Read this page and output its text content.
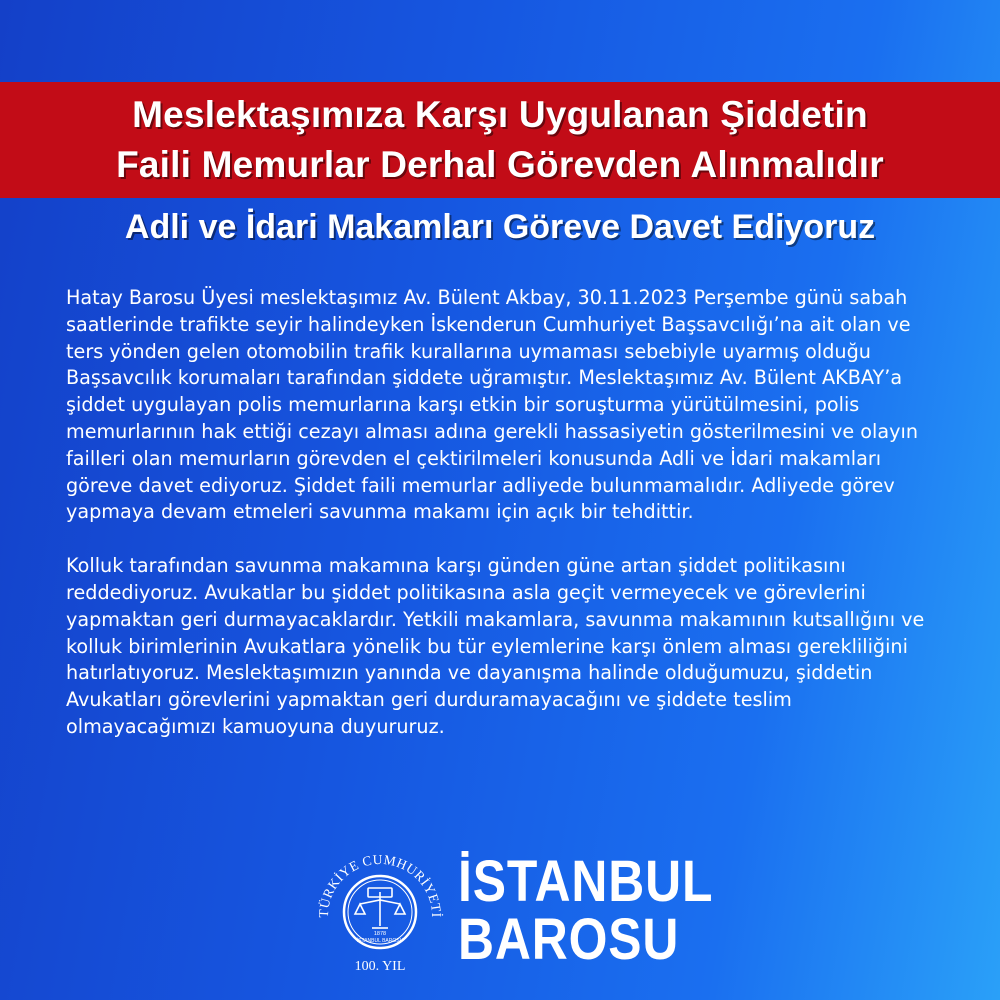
Meslektaşımıza Karşı Uygulanan Şiddetin
Faili Memurlar Derhal Görevden Alınmalıdır
Adli ve İdari Makamları Göreve Davet Ediyoruz

Hatay Barosu Üyesi meslektaşımız Av. Bülent Akbay, 30.11.2023 Perşembe günü sabah saatlerinde trafikte seyir halindeyken İskenderun Cumhuriyet Başsavcılığı’na ait olan ve ters yönden gelen otomobilin trafik kurallarına uymaması sebebiyle uyarmış olduğu Başsavcılık korumaları tarafından şiddete uğramıştır. Meslektaşımız Av. Bülent AKBAY’a şiddet uygulayan polis memurlarına karşı etkin bir soruşturma yürütülmesini, polis memurlarının hak ettiği cezayı alması adına gerekli hassasiyetin gösterilmesini ve olayın failleri olan memurların görevden el çektirilmeleri konusunda Adli ve İdari makamları göreve davet ediyoruz. Şiddet faili memurlar adliyede bulunmamalıdır. Adliyede görev yapmaya devam etmeleri savunma makamı için açık bir tehdittir.

Kolluk tarafından savunma makamına karşı günden güne artan şiddet politikasını reddediyoruz. Avukatlar bu şiddet politikasına asla geçit vermeyecek ve görevlerini yapmaktan geri durmayacaklardır. Yetkili makamlara, savunma makamının kutsallığını ve kolluk birimlerinin Avukatlara yönelik bu tür eylemlerine karşı önlem alması gerekliliğini hatırlatıyoruz. Meslektaşımızın yanında ve dayanışma halinde olduğumuzu, şiddetin Avukatları görevlerini yapmaktan geri durduramayacağını ve şiddete teslim olmayacağımızı kamuoyuna duyururuz.

TÜRKİYE CUMHURİYETİ
1878
İSTANBUL BAROSU
100. YIL
İSTANBUL
BAROSU
